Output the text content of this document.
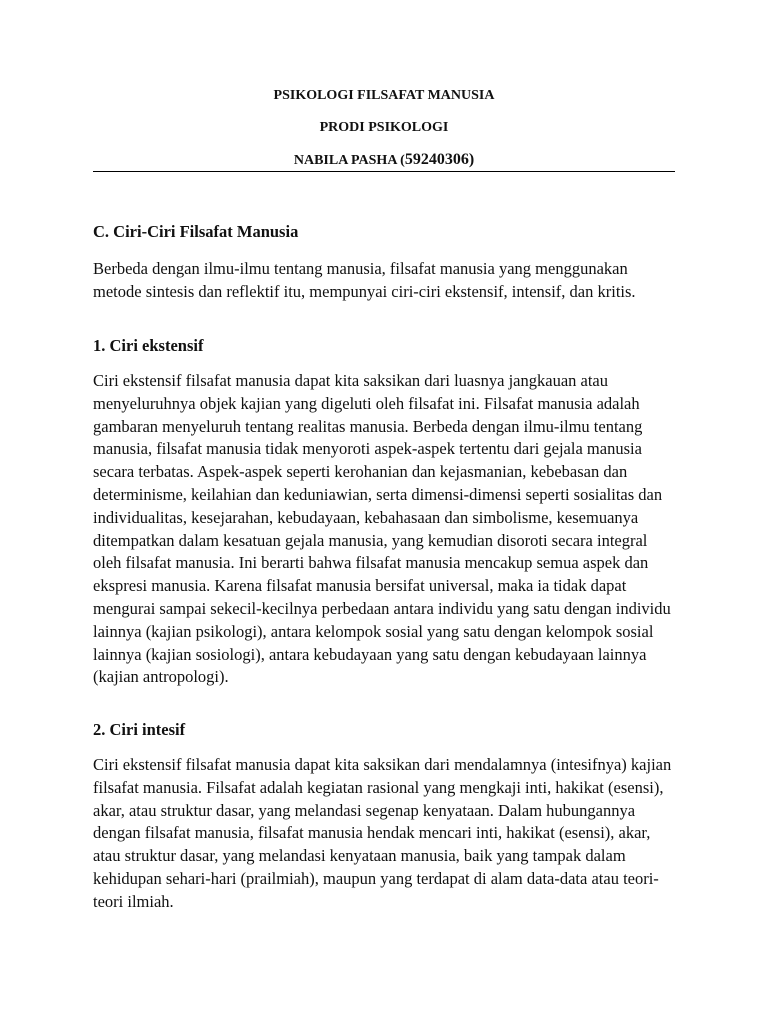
PSIKOLOGI FILSAFAT MANUSIA
PRODI PSIKOLOGI
NABILA PASHA (59240306)
C. Ciri-Ciri Filsafat Manusia

Berbeda dengan ilmu-ilmu tentang manusia, filsafat manusia yang menggunakan metode sintesis dan reflektif itu, mempunyai ciri-ciri ekstensif, intensif, dan kritis.

1. Ciri ekstensif

Ciri ekstensif filsafat manusia dapat kita saksikan dari luasnya jangkauan atau menyeluruhnya objek kajian yang digeluti oleh filsafat ini. Filsafat manusia adalah gambaran menyeluruh tentang realitas manusia. Berbeda dengan ilmu-ilmu tentang manusia, filsafat manusia tidak menyoroti aspek-aspek tertentu dari gejala manusia secara terbatas. Aspek-aspek seperti kerohanian dan kejasmanian, kebebasan dan determinisme, keilahian dan keduniawian, serta dimensi-dimensi seperti sosialitas dan individualitas, kesejarahan, kebudayaan, kebahasaan dan simbolisme, kesemuanya ditempatkan dalam kesatuan gejala manusia, yang kemudian disoroti secara integral oleh filsafat manusia. Ini berarti bahwa filsafat manusia mencakup semua aspek dan ekspresi manusia. Karena filsafat manusia bersifat universal, maka ia tidak dapat mengurai sampai sekecil-kecilnya perbedaan antara individu yang satu dengan individu lainnya (kajian psikologi), antara kelompok sosial yang satu dengan kelompok sosial lainnya (kajian sosiologi), antara kebudayaan yang satu dengan kebudayaan lainnya (kajian antropologi).

2. Ciri intesif

Ciri ekstensif filsafat manusia dapat kita saksikan dari mendalamnya (intesifnya) kajian filsafat manusia. Filsafat adalah kegiatan rasional yang mengkaji inti, hakikat (esensi), akar, atau struktur dasar, yang melandasi segenap kenyataan. Dalam hubungannya dengan filsafat manusia, filsafat manusia hendak mencari inti, hakikat (esensi), akar, atau struktur dasar, yang melandasi kenyataan manusia, baik yang tampak dalam kehidupan sehari-hari (prailmiah), maupun yang terdapat di alam data-data atau teori-teori ilmiah.
